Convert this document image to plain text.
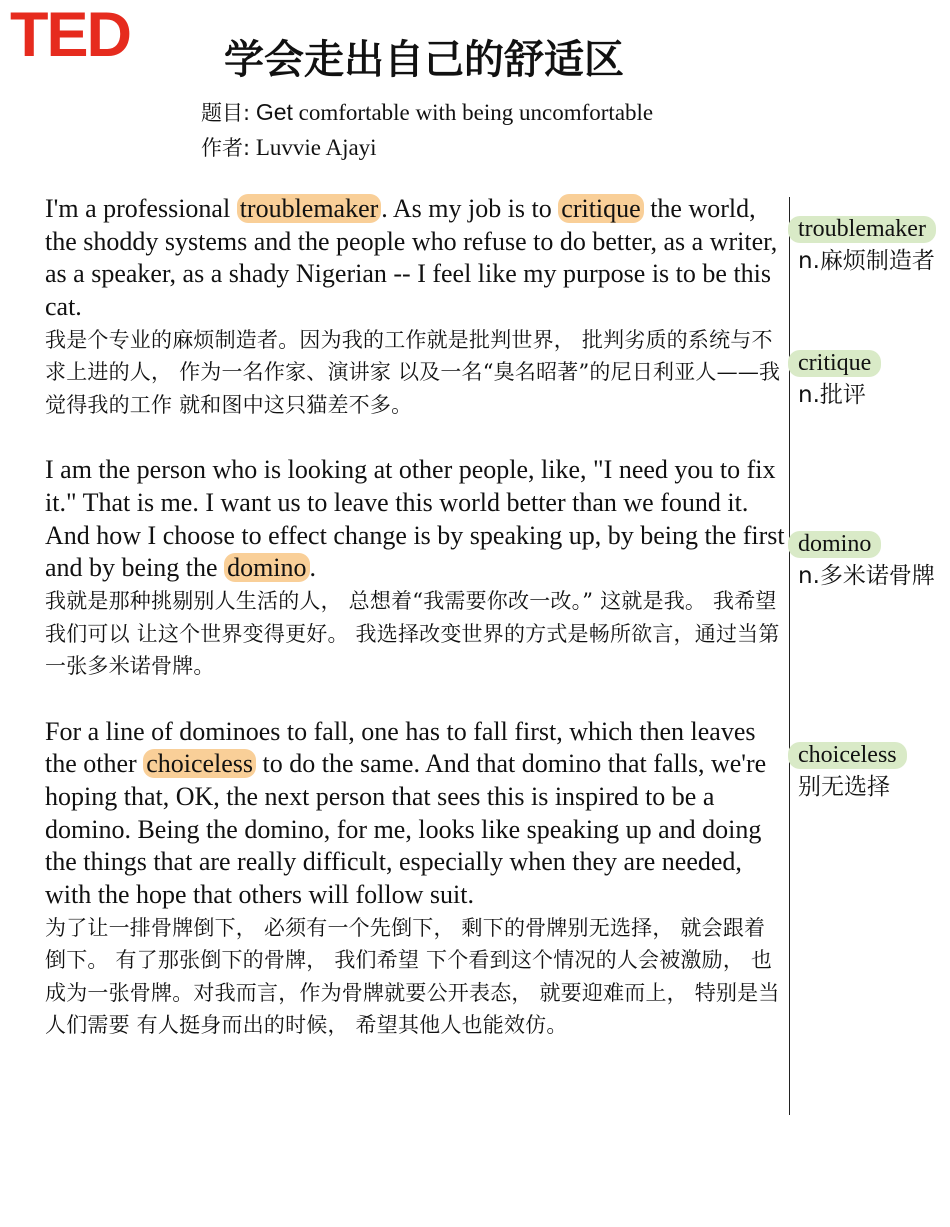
TED 学会走出自己的舒适区
题目: Get comfortable with being uncomfortable
作者: Luvvie Ajayi
I'm a professional troublemaker . As my job is to critique the world, the shoddy systems and the people who refuse to do better, as a writer, as a speaker, as a shady Nigerian -- I feel like my purpose is to be this cat.
我是个专业的麻烦制造者。因为我的工作就是批判世界， 批判劣质的系统与不求上进的人， 作为一名作家、演讲家 以及一名“臭名昭著”的尼日利亚人——我觉得我的工作 就和图中这只猫差不多。
I am the person who is looking at other people, like, "I need you to fix it." That is me. I want us to leave this world better than we found it. And how I choose to effect change is by speaking up, by being the first and by being the domino .
我就是那种挑剔别人生活的人， 总想着“我需要你改一改。” 这就是我。 我希望我们可以 让这个世界变得更好。 我选择改变世界的方式是畅所欲言，通过当第一张多米诺骨牌。
For a line of dominoes to fall, one has to fall first, which then leaves the other choiceless to do the same. And that domino that falls, we're hoping that, OK, the next person that sees this is inspired to be a domino. Being the domino, for me, looks like speaking up and doing the things that are really difficult, especially when they are needed, with the hope that others will follow suit.
为了让一排骨牌倒下， 必须有一个先倒下， 剩下的骨牌别无选择， 就会跟着倒下。 有了那张倒下的骨牌， 我们希望 下个看到这个情况的人会被激励， 也成为一张骨牌。对我而言，作为骨牌就要公开表态， 就要迎难而上， 特别是当人们需要 有人挺身而出的时候， 希望其他人也能效仿。
troublemaker
n.麻烦制造者
critique
n.批评
domino
n.多米诺骨牌
choiceless
别无选择
